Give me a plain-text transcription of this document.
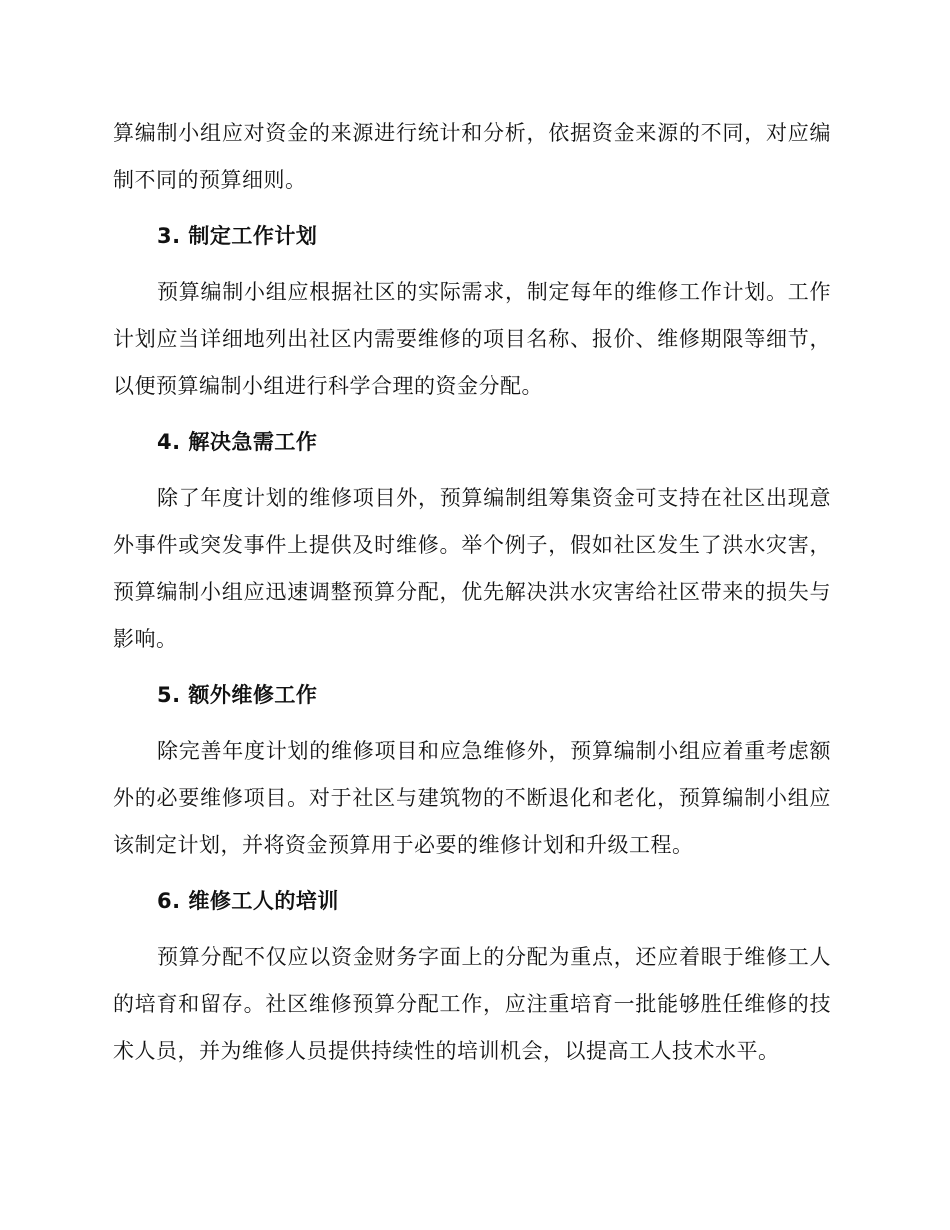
算编制小组应对资金的来源进行统计和分析，依据资金来源的不同，对应编制不同的预算细则。

3. 制定工作计划

预算编制小组应根据社区的实际需求，制定每年的维修工作计划。工作计划应当详细地列出社区内需要维修的项目名称、报价、维修期限等细节，以便预算编制小组进行科学合理的资金分配。

4. 解决急需工作

除了年度计划的维修项目外，预算编制组筹集资金可支持在社区出现意外事件或突发事件上提供及时维修。举个例子，假如社区发生了洪水灾害，预算编制小组应迅速调整预算分配，优先解决洪水灾害给社区带来的损失与影响。

5. 额外维修工作

除完善年度计划的维修项目和应急维修外，预算编制小组应着重考虑额外的必要维修项目。对于社区与建筑物的不断退化和老化，预算编制小组应该制定计划，并将资金预算用于必要的维修计划和升级工程。

6. 维修工人的培训

预算分配不仅应以资金财务字面上的分配为重点，还应着眼于维修工人的培育和留存。社区维修预算分配工作，应注重培育一批能够胜任维修的技术人员，并为维修人员提供持续性的培训机会，以提高工人技术水平。
